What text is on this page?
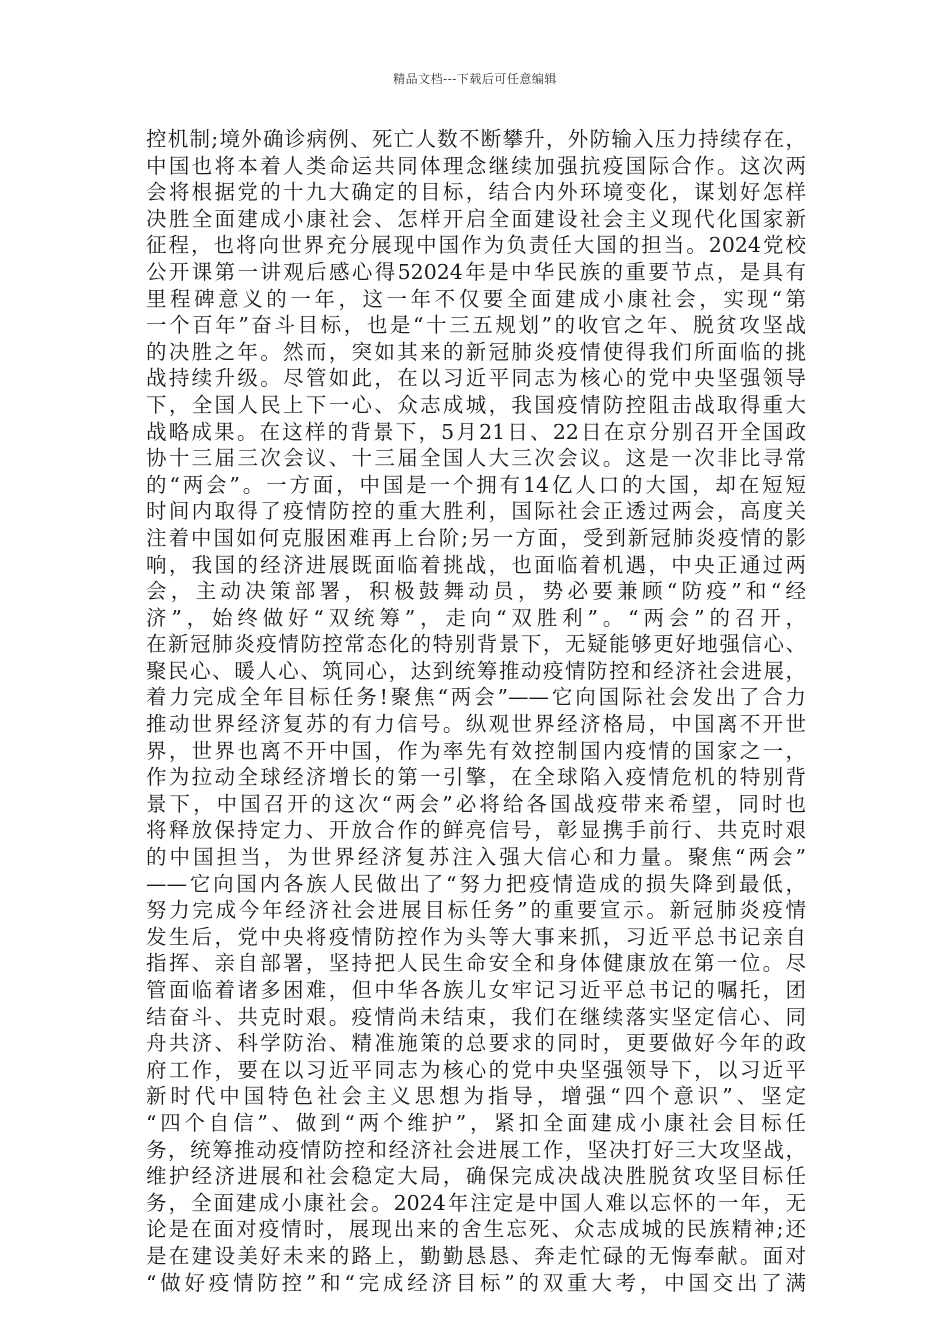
精品文档---下载后可任意编辑
控机制;境外确诊病例、死亡人数不断攀升，外防输入压力持续存在，
中国也将本着人类命运共同体理念继续加强抗疫国际合作。这次两
会将根据党的十九大确定的目标，结合内外环境变化，谋划好怎样
决胜全面建成小康社会、怎样开启全面建设社会主义现代化国家新
征程，也将向世界充分展现中国作为负责任大国的担当。2024党校
公开课第一讲观后感心得52024年是中华民族的重要节点，是具有
里程碑意义的一年，这一年不仅要全面建成小康社会，实现“第
一个百年”奋斗目标，也是“十三五规划”的收官之年、脱贫攻坚战
的决胜之年。然而，突如其来的新冠肺炎疫情使得我们所面临的挑
战持续升级。尽管如此，在以习近平同志为核心的党中央坚强领导
下，全国人民上下一心、众志成城，我国疫情防控阻击战取得重大
战略成果。在这样的背景下，5月21日、22日在京分别召开全国政
协十三届三次会议、十三届全国人大三次会议。这是一次非比寻常
的“两会”。一方面，中国是一个拥有14亿人口的大国，却在短短
时间内取得了疫情防控的重大胜利，国际社会正透过两会，高度关
注着中国如何克服困难再上台阶;另一方面，受到新冠肺炎疫情的影
响，我国的经济进展既面临着挑战，也面临着机遇，中央正通过两
会，主动决策部署，积极鼓舞动员，势必要兼顾“防疫”和“经
济”，始终做好“双统筹”，走向“双胜利”。“两会”的召开，
在新冠肺炎疫情防控常态化的特别背景下，无疑能够更好地强信心、
聚民心、暖人心、筑同心，达到统筹推动疫情防控和经济社会进展，
着力完成全年目标任务!聚焦“两会”——它向国际社会发出了合力
推动世界经济复苏的有力信号。纵观世界经济格局，中国离不开世
界，世界也离不开中国，作为率先有效控制国内疫情的国家之一，
作为拉动全球经济增长的第一引擎，在全球陷入疫情危机的特别背
景下，中国召开的这次“两会”必将给各国战疫带来希望，同时也
将释放保持定力、开放合作的鲜亮信号，彰显携手前行、共克时艰
的中国担当，为世界经济复苏注入强大信心和力量。聚焦“两会”
——它向国内各族人民做出了“努力把疫情造成的损失降到最低，
努力完成今年经济社会进展目标任务”的重要宣示。新冠肺炎疫情
发生后，党中央将疫情防控作为头等大事来抓，习近平总书记亲自
指挥、亲自部署，坚持把人民生命安全和身体健康放在第一位。尽
管面临着诸多困难，但中华各族儿女牢记习近平总书记的嘱托，团
结奋斗、共克时艰。疫情尚未结束，我们在继续落实坚定信心、同
舟共济、科学防治、精准施策的总要求的同时，更要做好今年的政
府工作，要在以习近平同志为核心的党中央坚强领导下，以习近平
新时代中国特色社会主义思想为指导，增强“四个意识”、坚定
“四个自信”、做到“两个维护”，紧扣全面建成小康社会目标任
务，统筹推动疫情防控和经济社会进展工作，坚决打好三大攻坚战，
维护经济进展和社会稳定大局，确保完成决战决胜脱贫攻坚目标任
务，全面建成小康社会。2024年注定是中国人难以忘怀的一年，无
论是在面对疫情时，展现出来的舍生忘死、众志成城的民族精神;还
是在建设美好未来的路上，勤勤恳恳、奔走忙碌的无悔奉献。面对
“做好疫情防控”和“完成经济目标”的双重大考，中国交出了满
